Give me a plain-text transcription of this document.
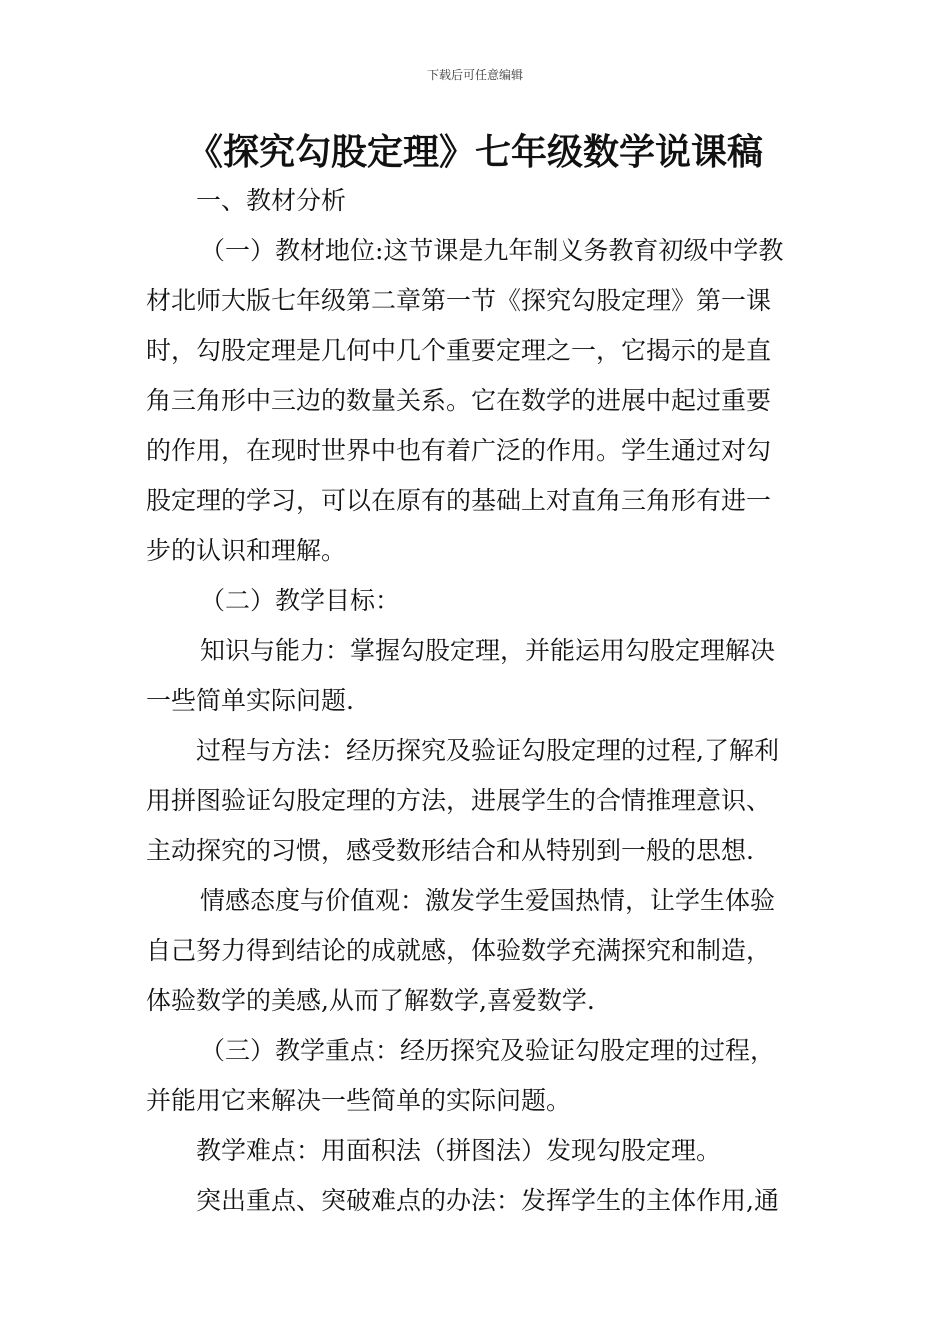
下载后可任意编辑
《探究勾股定理》七年级数学说课稿
一、教材分析
（一）教材地位:这节课是九年制义务教育初级中学教
材北师大版七年级第二章第一节《探究勾股定理》第一课
时，勾股定理是几何中几个重要定理之一，它揭示的是直
角三角形中三边的数量关系。它在数学的进展中起过重要
的作用，在现时世界中也有着广泛的作用。学生通过对勾
股定理的学习，可以在原有的基础上对直角三角形有进一
步的认识和理解。
（二）教学目标：
知识与能力：掌握勾股定理，并能运用勾股定理解决
一些简单实际问题.
过程与方法：经历探究及验证勾股定理的过程,了解利
用拼图验证勾股定理的方法，进展学生的合情推理意识、
主动探究的习惯，感受数形结合和从特别到一般的思想.
情感态度与价值观：激发学生爱国热情，让学生体验
自己努力得到结论的成就感，体验数学充满探究和制造，
体验数学的美感,从而了解数学,喜爱数学.
（三）教学重点：经历探究及验证勾股定理的过程，
并能用它来解决一些简单的实际问题。
教学难点：用面积法（拼图法）发现勾股定理。
突出重点、突破难点的办法：发挥学生的主体作用,通
